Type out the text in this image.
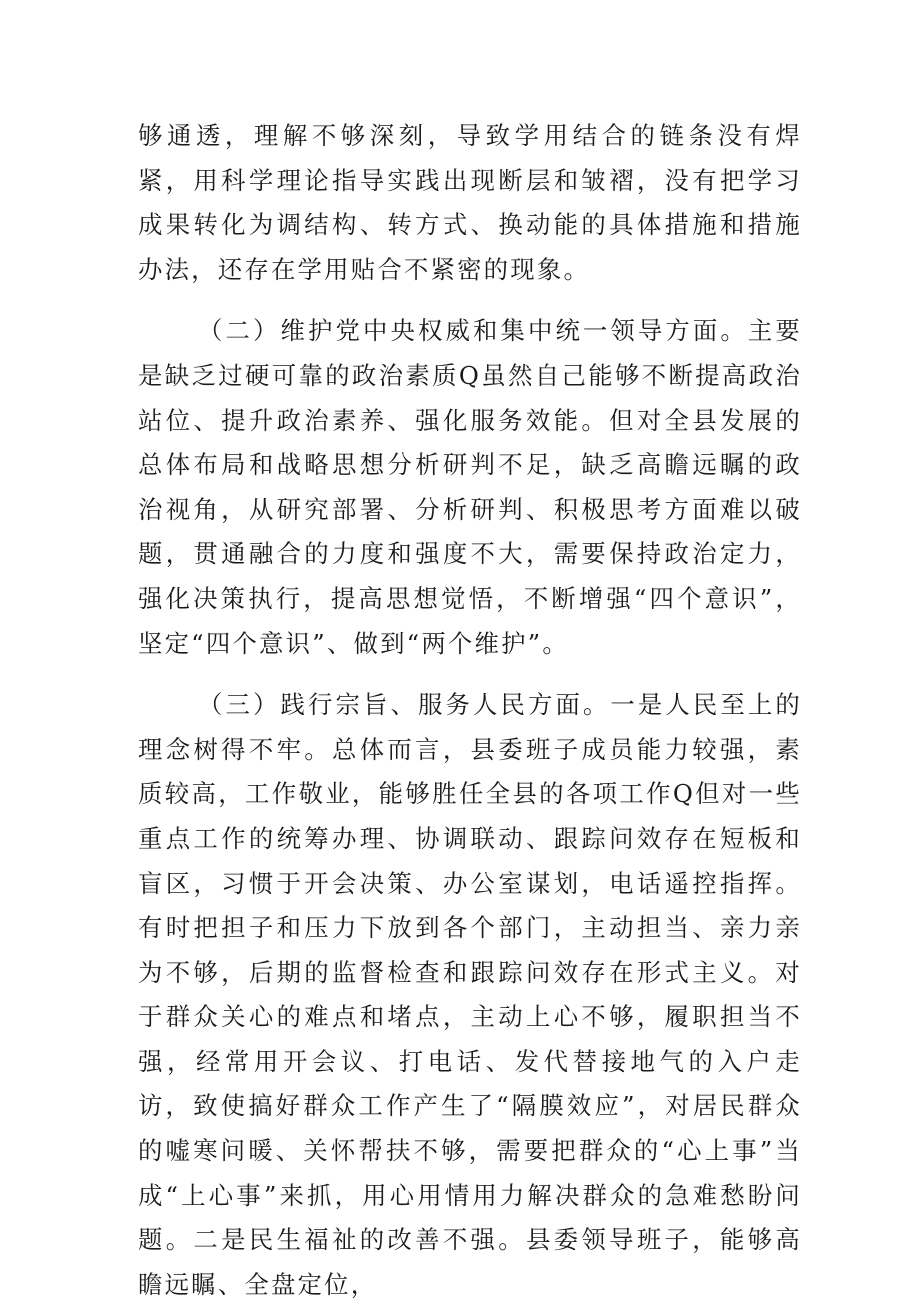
够通透，理解不够深刻，导致学用结合的链条没有焊紧，用科学理论指导实践出现断层和皱褶，没有把学习成果转化为调结构、转方式、换动能的具体措施和措施办法，还存在学用贴合不紧密的现象。

（二）维护党中央权威和集中统一领导方面。主要是缺乏过硬可靠的政治素质Q虽然自己能够不断提高政治站位、提升政治素养、强化服务效能。但对全县发展的总体布局和战略思想分析研判不足，缺乏高瞻远瞩的政治视角，从研究部署、分析研判、积极思考方面难以破题，贯通融合的力度和强度不大，需要保持政治定力，强化决策执行，提高思想觉悟，不断增强“四个意识”，坚定“四个意识”、做到“两个维护”。

（三）践行宗旨、服务人民方面。一是人民至上的理念树得不牢。总体而言，县委班子成员能力较强，素质较高，工作敬业，能够胜任全县的各项工作Q但对一些重点工作的统筹办理、协调联动、跟踪问效存在短板和盲区，习惯于开会决策、办公室谋划，电话遥控指挥。有时把担子和压力下放到各个部门，主动担当、亲力亲为不够，后期的监督检查和跟踪问效存在形式主义。对于群众关心的难点和堵点，主动上心不够，履职担当不强，经常用开会议、打电话、发代替接地气的入户走访，致使搞好群众工作产生了“隔膜效应”，对居民群众的嘘寒问暖、关怀帮扶不够，需要把群众的“心上事”当成“上心事”来抓，用心用情用力解决群众的急难愁盼问题。二是民生福祉的改善不强。县委领导班子，能够高瞻远瞩、全盘定位，
